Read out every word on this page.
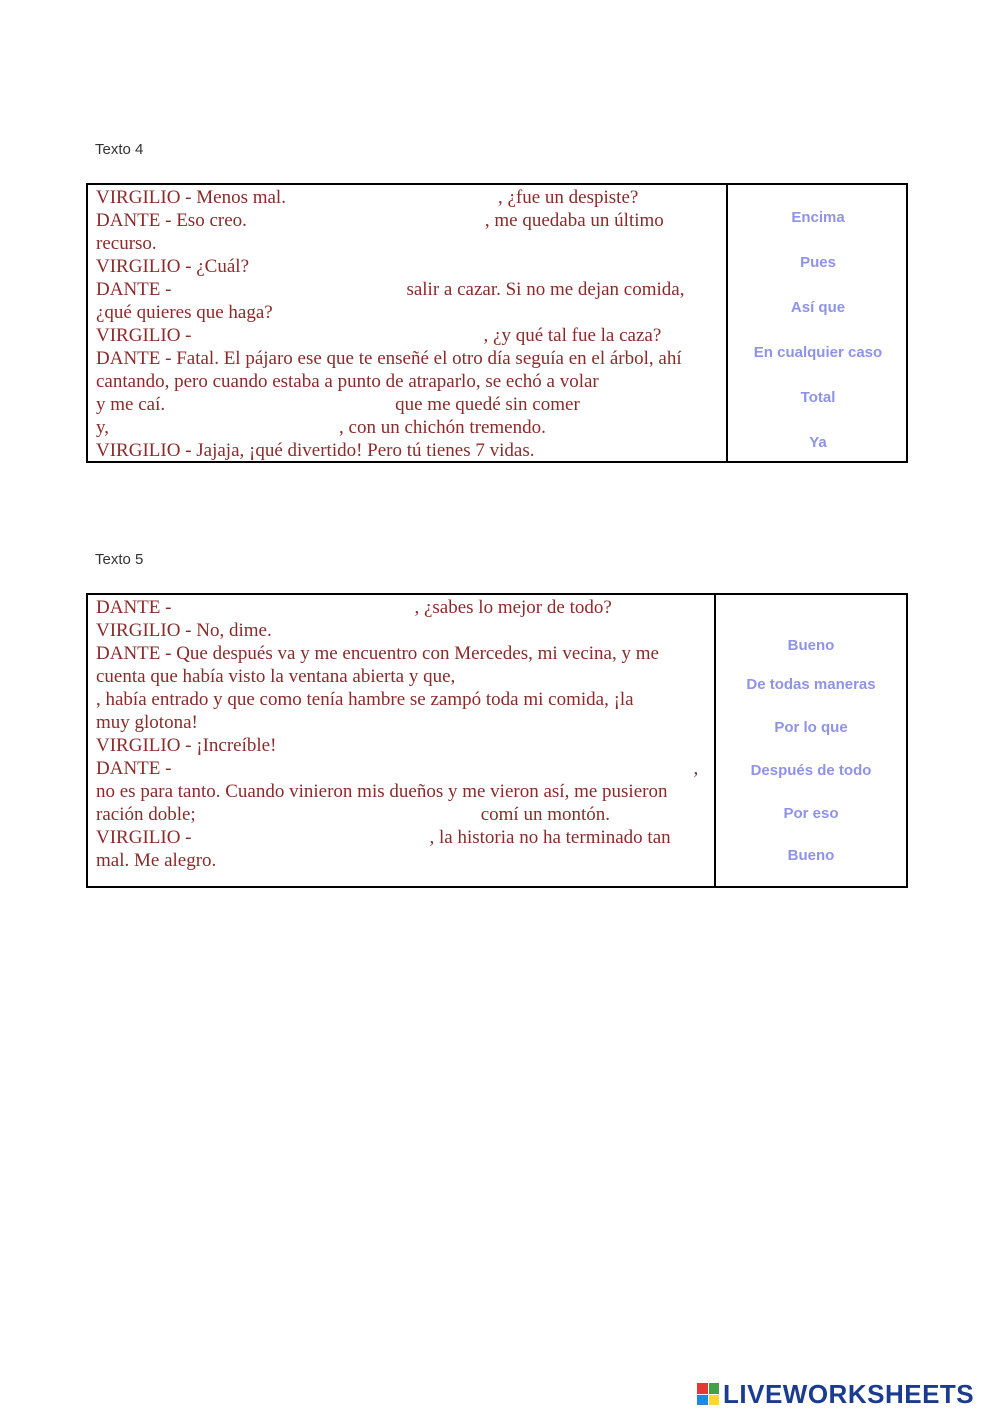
Texto 4
VIRGILIO - Menos mal.	, ¿fue un despiste?
DANTE - Eso creo.	, me quedaba un último
recurso.
VIRGILIO - ¿Cuál?
DANTE -	salir a cazar. Si no me dejan comida,
¿qué quieres que haga?
VIRGILIO -	, ¿y qué tal fue la caza?
DANTE - Fatal. El pájaro ese que te enseñé el otro día seguía en el árbol, ahí
cantando, pero cuando estaba a punto de atraparlo, se echó a volar
y me caí.	que me quedé sin comer
y,	, con un chichón tremendo.
VIRGILIO - Jajaja, ¡qué divertido! Pero tú tienes 7 vidas.
Encima
Pues
Así que
En cualquier caso
Total
Ya
Texto 5
DANTE -	, ¿sabes lo mejor de todo?
VIRGILIO - No, dime.
DANTE - Que después va y me encuentro con Mercedes, mi vecina, y me
cuenta que había visto la ventana abierta y que,
, había entrado y que como tenía hambre se zampó toda mi comida, ¡la
muy glotona!
VIRGILIO - ¡Increíble!
DANTE -	,
no es para tanto. Cuando vinieron mis dueños y me vieron así, me pusieron
ración doble;	comí un montón.
VIRGILIO -	, la historia no ha terminado tan
mal. Me alegro.
Bueno
De todas maneras
Por lo que
Después de todo
Por eso
Bueno
LIVEWORKSHEETS
